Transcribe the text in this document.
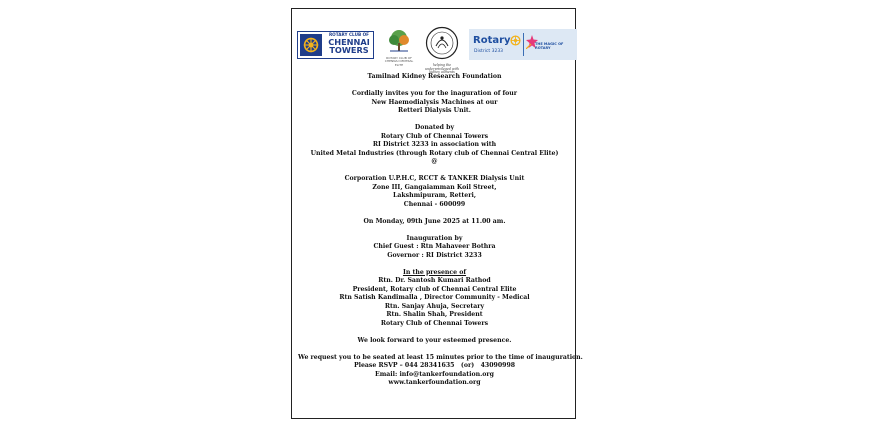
ROTARY CLUB OF
CHENNAI
TOWERS
ROTARY CLUB OF CHENNAI CENTRAL ELITE	helping the underprivileged with kidney ailments
Rotary
District 3233
THE MAGIC OF ROTARY

Tamilnad Kidney Research Foundation

Cordially invites you for the inaguration of four

New Haemodialysis Machines at our

Retteri Dialysis Unit.

Donated by

Rotary Club of Chennai Towers

RI District 3233 in association with

United Metal Industries (through Rotary club of Chennai Central Elite)

@

Corporation U.P.H.C, RCCT & TANKER Dialysis Unit

Zone III, Gangaiamman Koil Street,

Lakshmipuram, Retteri,

Chennai - 600099

On Monday, 09th June 2025 at 11.00 am.

Inauguration by

Chief Guest : Rtn Mahaveer Bothra

Governor : RI District 3233

In the presence of

Rtn. Dr. Santosh Kumari Rathod

President, Rotary club of Chennai Central Elite

Rtn Satish Kandimalla , Director Community - Medical

Rtn. Sanjay Ahuja, Secretary

Rtn. Shalin Shah, President

Rotary Club of Chennai Towers

We look forward to your esteemed presence.

We request you to be seated at least 15 minutes prior to the time of inauguration.

Please RSVP – 044 28341635   (or)   43090998

Email: info@tankerfoundation.org

www.tankerfoundation.org
